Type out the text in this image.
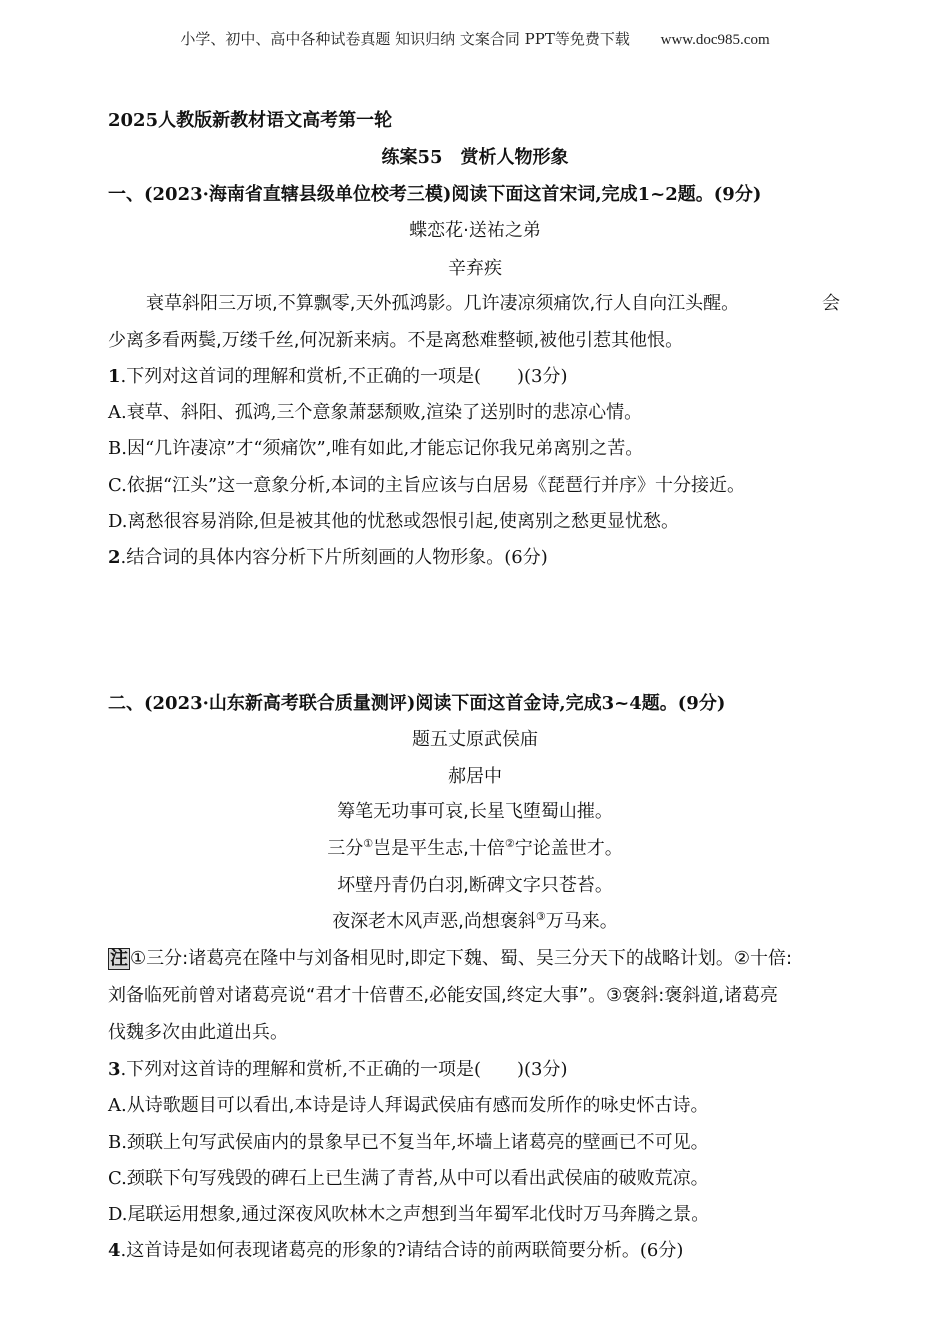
小学、初中、高中各种试卷真题 知识归纳 文案合同 PPT等免费下载 www.doc985.com
2025人教版新教材语文高考第一轮
练案55　赏析人物形象
一、(2023·海南省直辖县级单位校考三模)阅读下面这首宋词,完成1~2题。(9分)
蝶恋花·送祐之弟
辛弃疾
衰草斜阳三万顷,不算飘零,天外孤鸿影。几许凄凉须痛饮,行人自向江头醒。	会
少离多看两鬓,万缕千丝,何况新来病。不是离愁难整顿,被他引惹其他恨。
1.下列对这首词的理解和赏析,不正确的一项是(　　)(3分)
A.衰草、斜阳、孤鸿,三个意象萧瑟颓败,渲染了送别时的悲凉心情。
B.因“几许凄凉”才“须痛饮”,唯有如此,才能忘记你我兄弟离别之苦。
C.依据“江头”这一意象分析,本词的主旨应该与白居易《琵琶行并序》十分接近。
D.离愁很容易消除,但是被其他的忧愁或怨恨引起,使离别之愁更显忧愁。
2.结合词的具体内容分析下片所刻画的人物形象。(6分)
二、(2023·山东新高考联合质量测评)阅读下面这首金诗,完成3~4题。(9分)
题五丈原武侯庙
郝居中
筹笔无功事可哀,长星飞堕蜀山摧。
三分①岂是平生志,十倍②宁论盖世才。
坏壁丹青仍白羽,断碑文字只苍苔。
夜深老木风声恶,尚想褒斜③万马来。
注 ①三分:诸葛亮在隆中与刘备相见时,即定下魏、蜀、吴三分天下的战略计划。②十倍:
刘备临死前曾对诸葛亮说“君才十倍曹丕,必能安国,终定大事”。③褒斜:褒斜道,诸葛亮
伐魏多次由此道出兵。
3.下列对这首诗的理解和赏析,不正确的一项是(　　)(3分)
A.从诗歌题目可以看出,本诗是诗人拜谒武侯庙有感而发所作的咏史怀古诗。
B.颈联上句写武侯庙内的景象早已不复当年,坏墙上诸葛亮的壁画已不可见。
C.颈联下句写残毁的碑石上已生满了青苔,从中可以看出武侯庙的破败荒凉。
D.尾联运用想象,通过深夜风吹林木之声想到当年蜀军北伐时万马奔腾之景。
4.这首诗是如何表现诸葛亮的形象的?请结合诗的前两联简要分析。(6分)
